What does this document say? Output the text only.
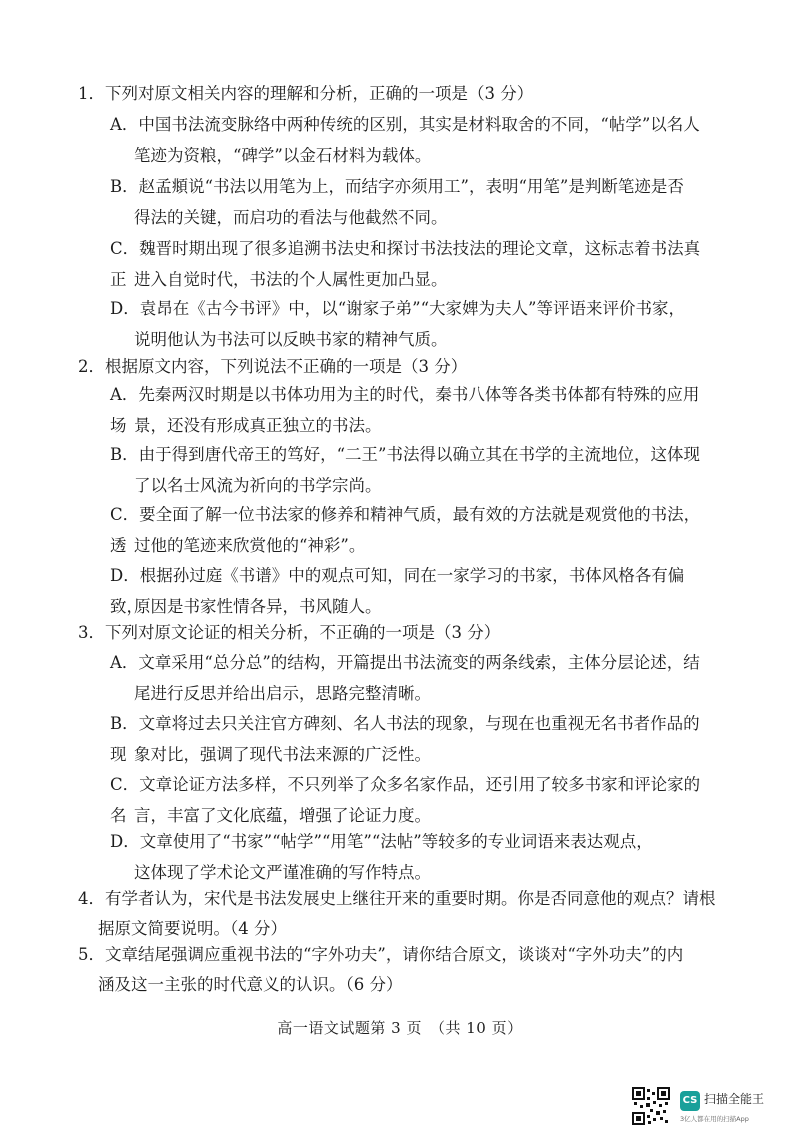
1．下列对原文相关内容的理解和分析，正确的一项是（3 分）
A．中国书法流变脉络中两种传统的区别，其实是材料取舍的不同，“帖学”以名人
笔迹为资粮，“碑学”以金石材料为载体。
B．赵孟頫说“书法以用笔为上，而结字亦须用工”，表明“用笔”是判断笔迹是否
得法的关键，而启功的看法与他截然不同。
C．魏晋时期出现了很多追溯书法史和探讨书法技法的理论文章，这标志着书法真正 进入自觉时代，书法的个人属性更加凸显。
D．袁昂在《古今书评》中，以“谢家子弟”“大家婢为夫人”等评语来评价书家，
说明他认为书法可以反映书家的精神气质。
2．根据原文内容，下列说法不正确的一项是（3 分）
A．先秦两汉时期是以书体功用为主的时代，秦书八体等各类书体都有特殊的应用场 景，还没有形成真正独立的书法。
B．由于得到唐代帝王的笃好，“二王”书法得以确立其在书学的主流地位，这体现
了以名士风流为祈向的书学宗尚。
C．要全面了解一位书法家的修养和精神气质，最有效的方法就是观赏他的书法，透 过他的笔迹来欣赏他的“神彩”。
D．根据孙过庭《书谱》中的观点可知，同在一家学习的书家，书体风格各有偏致，
原因是书家性情各异，书风随人。
3．下列对原文论证的相关分析，不正确的一项是（3 分）
A．文章采用“总分总”的结构，开篇提出书法流变的两条线索，主体分层论述，结
尾进行反思并给出启示，思路完整清晰。
B．文章将过去只关注官方碑刻、名人书法的现象，与现在也重视无名书者作品的现 象对比，强调了现代书法来源的广泛性。
C．文章论证方法多样，不只列举了众多名家作品，还引用了较多书家和评论家的名 言，丰富了文化底蕴，增强了论证力度。
D．文章使用了“书家”“帖学”“用笔”“法帖”等较多的专业词语来表达观点，
这体现了学术论文严谨准确的写作特点。
4．有学者认为，宋代是书法发展史上继往开来的重要时期。你是否同意他的观点？请根
据原文简要说明。（4 分）
5．文章结尾强调应重视书法的“字外功夫”，请你结合原文，谈谈对“字外功夫”的内
涵及这一主张的时代意义的认识。（6 分）
高一语文试题第 3 页　（共 10 页）
CS 扫描全能王
3亿人都在用的扫描App
